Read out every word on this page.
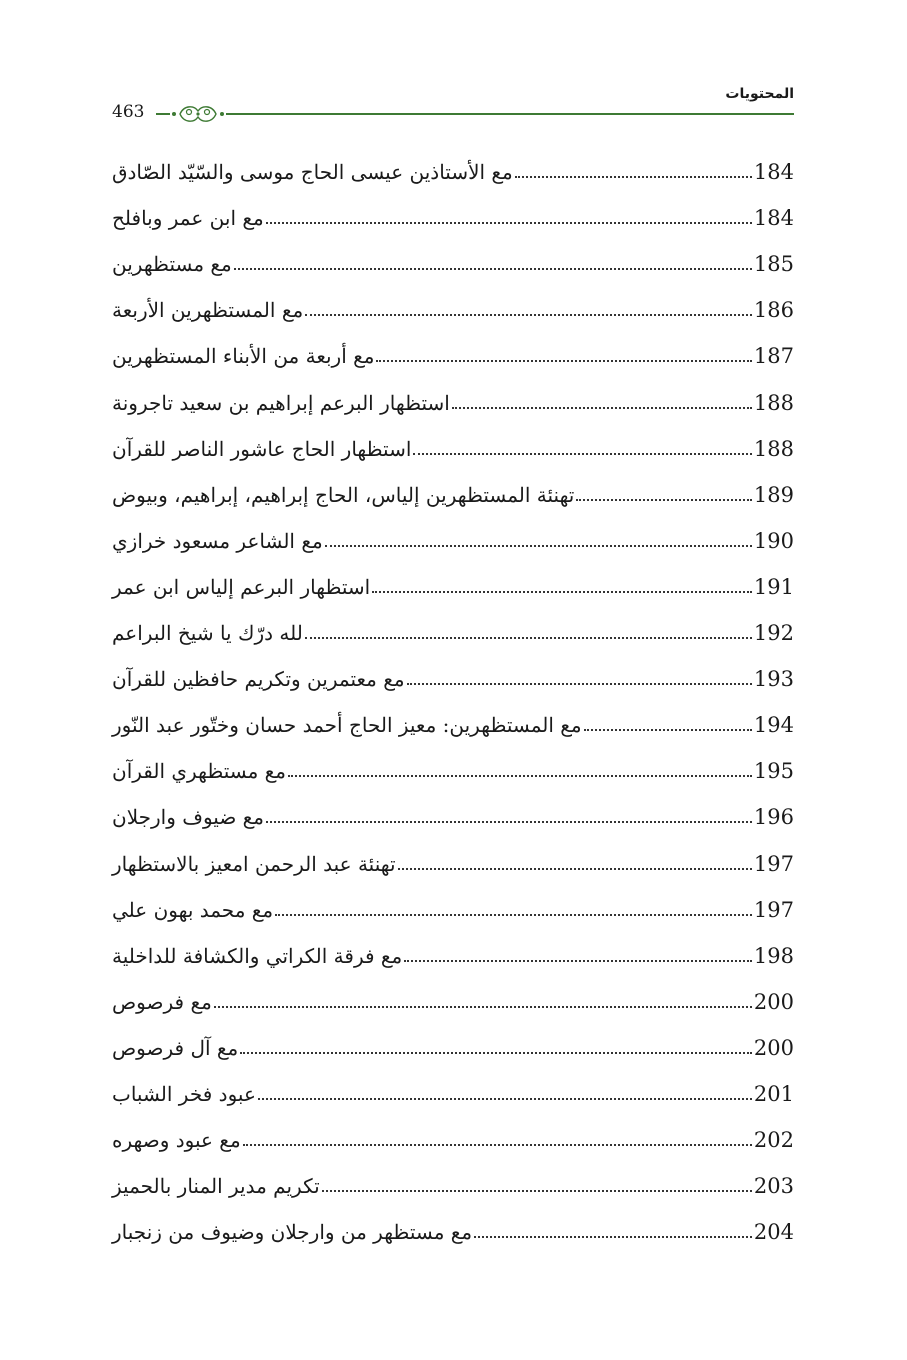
المحتويات
463
مع الأستاذين عيسى الحاج موسى والسّيّد الصّادق	184
مع ابن عمر وبافلح	184
مع مستظهرين	185
مع المستظهرين الأربعة	186
مع أربعة من الأبناء المستظهرين	187
استظهار البرعم إبراهيم بن سعيد تاجرونة	188
استظهار الحاج عاشور الناصر للقرآن	188
تهنئة المستظهرين إلياس، الحاج إبراهيم، إبراهيم، وبيوض	189
مع الشاعر مسعود خرازي	190
استظهار البرعم إلياس ابن عمر	191
لله درّك يا شيخ البراعم	192
مع معتمرين وتكريم حافظين للقرآن	193
مع المستظهرين: معيز الحاج أحمد حسان وختّور عبد النّور	194
مع مستظهري القرآن	195
مع ضيوف وارجلان	196
تهنئة عبد الرحمن امعيز بالاستظهار	197
مع محمد بهون علي	197
مع فرقة الكراتي والكشافة للداخلية	198
مع فرصوص	200
مع آل فرصوص	200
عبود فخر الشباب	201
مع عبود وصهره	202
تكريم مدير المنار بالحميز	203
مع مستظهر من وارجلان وضيوف من زنجبار	204
